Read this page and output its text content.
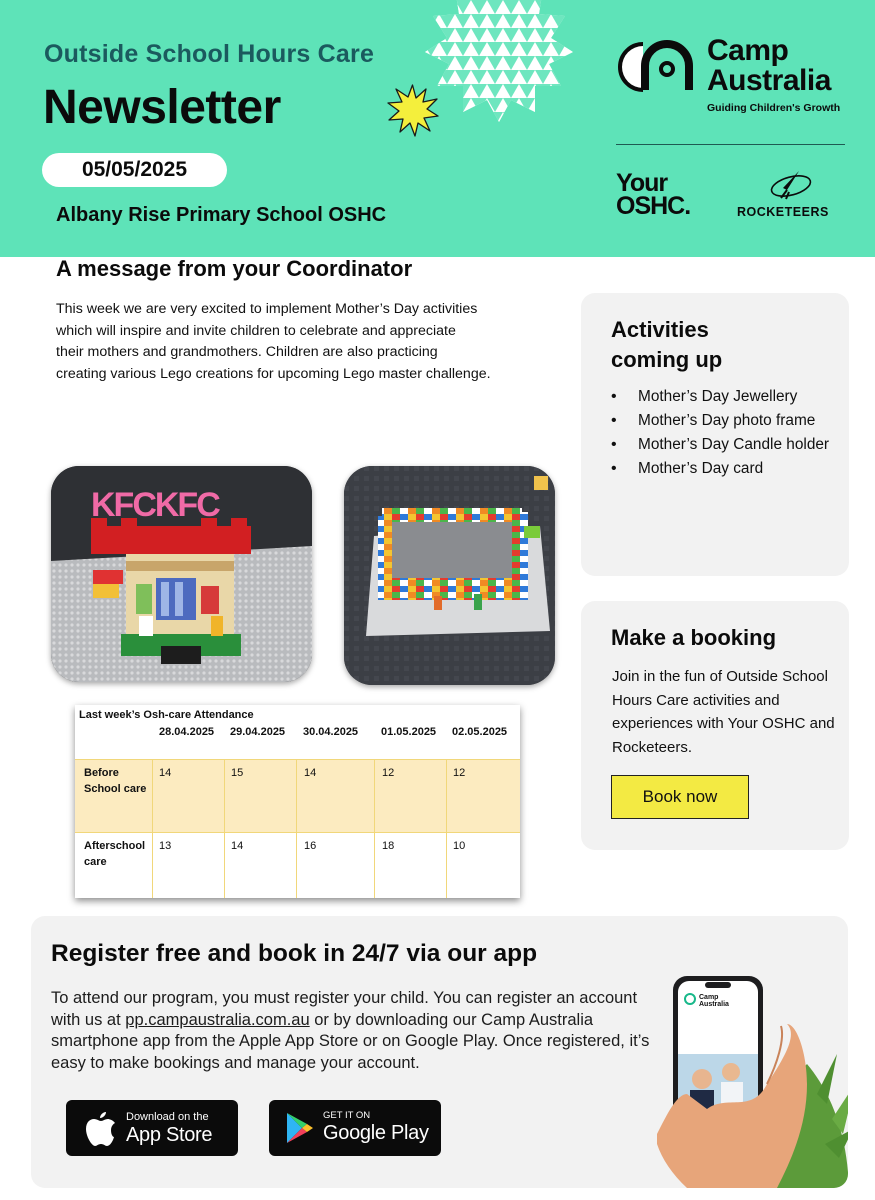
Outside School Hours Care
Newsletter
05/05/2025
Albany Rise Primary School OSHC
Camp
Australia
Guiding Children's Growth
Your
OSHC.	ROCKETEERS
A message from your Coordinator
This week we are very excited to implement Mother’s Day activities
which will inspire and invite children to celebrate and appreciate
their mothers and grandmothers. Children are also practicing
creating various Lego creations for upcoming Lego master challenge.
KFCKFC
Before
School care
14	15	14	12	12
Afterschool
care
13	14	16	18	10
Last week’s Osh-care Attendance
28.04.2025 29.04.2025 30.04.2025 01.05.2025 02.05.2025
Activities
coming up
• Mother’s Day Jewellery
• Mother’s Day photo frame
• Mother’s Day Candle holder
• Mother’s Day card
Make a booking
Join in the fun of Outside School Hours Care activities and experiences with Your OSHC and Rocketeers.
Book now
Register free and book in 24/7 via our app
To attend our program, you must register your child. You can register an account with us at pp.campaustralia.com.au or by downloading our Camp Australia smartphone app from the Apple App Store or on Google Play. Once registered, it’s easy to make bookings and manage your account.
Download on the
App Store
GET IT ON
Google Play
Camp
Australia
